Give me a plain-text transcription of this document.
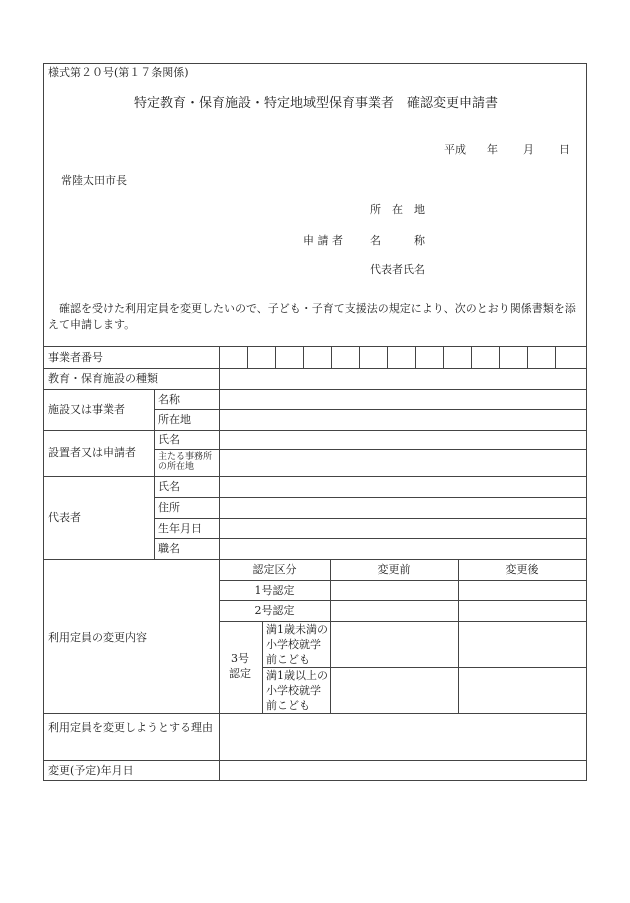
様式第２０号(第１７条関係)
特定教育・保育施設・特定地域型保育事業者　確認変更申請書
平成 年 月 日
常陸太田市長
所　在　地
申 請 者 名　　　称
代表者氏名
確認を受けた利用定員を変更したいので、子ども・子育て支援法の規定により、次のとおり関係書類を添えて申請します。
事業者番号
教育・保育施設の種類
施設又は事業者
名称
所在地
設置者又は申請者
氏名
主たる事務所の所在地
代表者
氏名
住所
生年月日
職名
利用定員の変更内容
認定区分	変更前	変更後
1号認定
2号認定
3号認定
満1歳未満の小学校就学前こども
満1歳以上の小学校就学前こども
利用定員を変更しようとする理由
変更(予定)年月日
